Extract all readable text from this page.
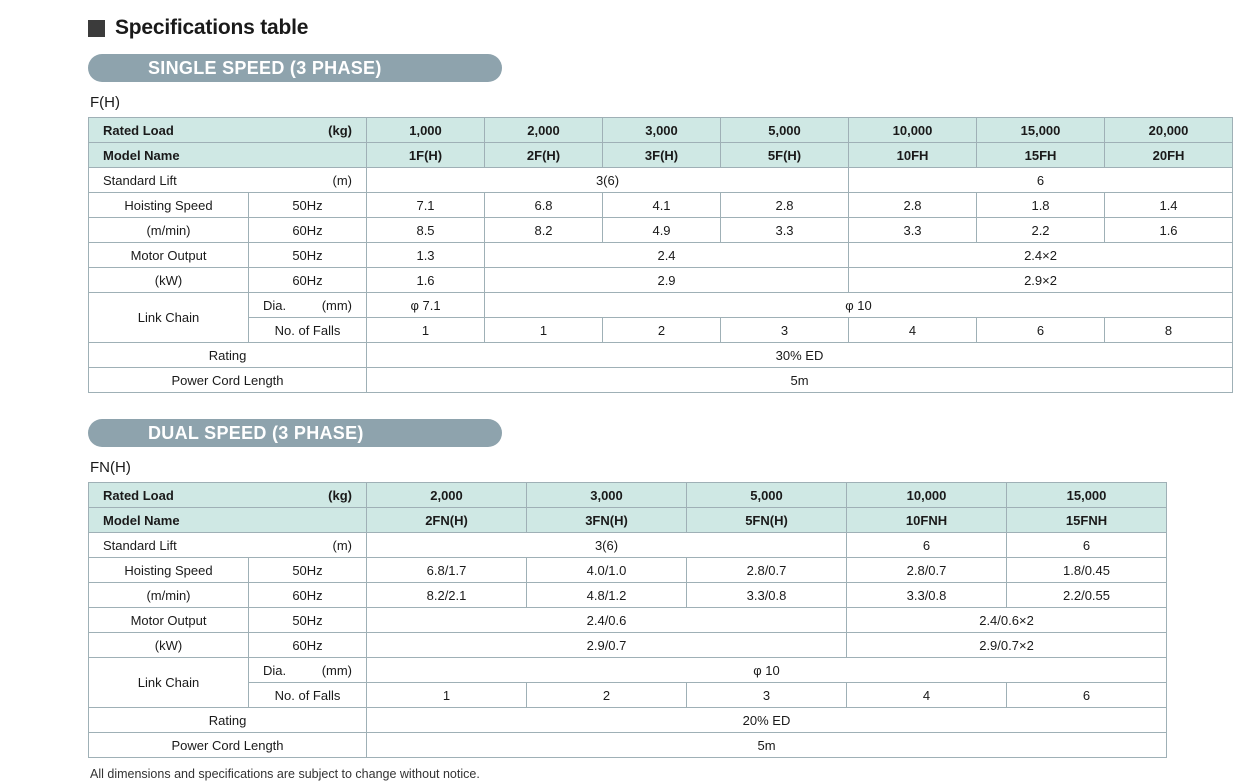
Specifications table
SINGLE SPEED (3 PHASE)
F(H)
Rated Load (kg)		1,000	2,000	3,000	5,000	10,000	15,000	20,000

Model Name		1F(H)	2F(H)	3F(H)	5F(H)	10FH	15FH	20FH

Standard Lift (m)		3(6)				6		
Hoisting Speed	50Hz	7.1	6.8	4.1	2.8	2.8	1.8	1.4
(m/min)	60Hz	8.5	8.2	4.9	3.3	3.3	2.2	1.6
Motor Output	50Hz	1.3	2.4			2.4×2		
(kW)	60Hz	1.6	2.9			2.9×2		
Link Chain	Dia. (mm)	φ 7.1	φ 10					
	No. of Falls	1	1	2	3	4	6	8
Rating		30% ED						
Power Cord Length		5m						
DUAL SPEED (3 PHASE)
FN(H)
Rated Load (kg)		2,000	3,000	5,000	10,000	15,000

Model Name		2FN(H)	3FN(H)	5FN(H)	10FNH	15FNH

Standard Lift (m)		3(6)			6	6
Hoisting Speed	50Hz	6.8/1.7	4.0/1.0	2.8/0.7	2.8/0.7	1.8/0.45
(m/min)	60Hz	8.2/2.1	4.8/1.2	3.3/0.8	3.3/0.8	2.2/0.55
Motor Output	50Hz	2.4/0.6			2.4/0.6×2	
(kW)	60Hz	2.9/0.7			2.9/0.7×2	
Link Chain	Dia. (mm)	φ 10				
	No. of Falls	1	2	3	4	6
Rating		20% ED				
Power Cord Length		5m				
All dimensions and specifications are subject to change without notice.
